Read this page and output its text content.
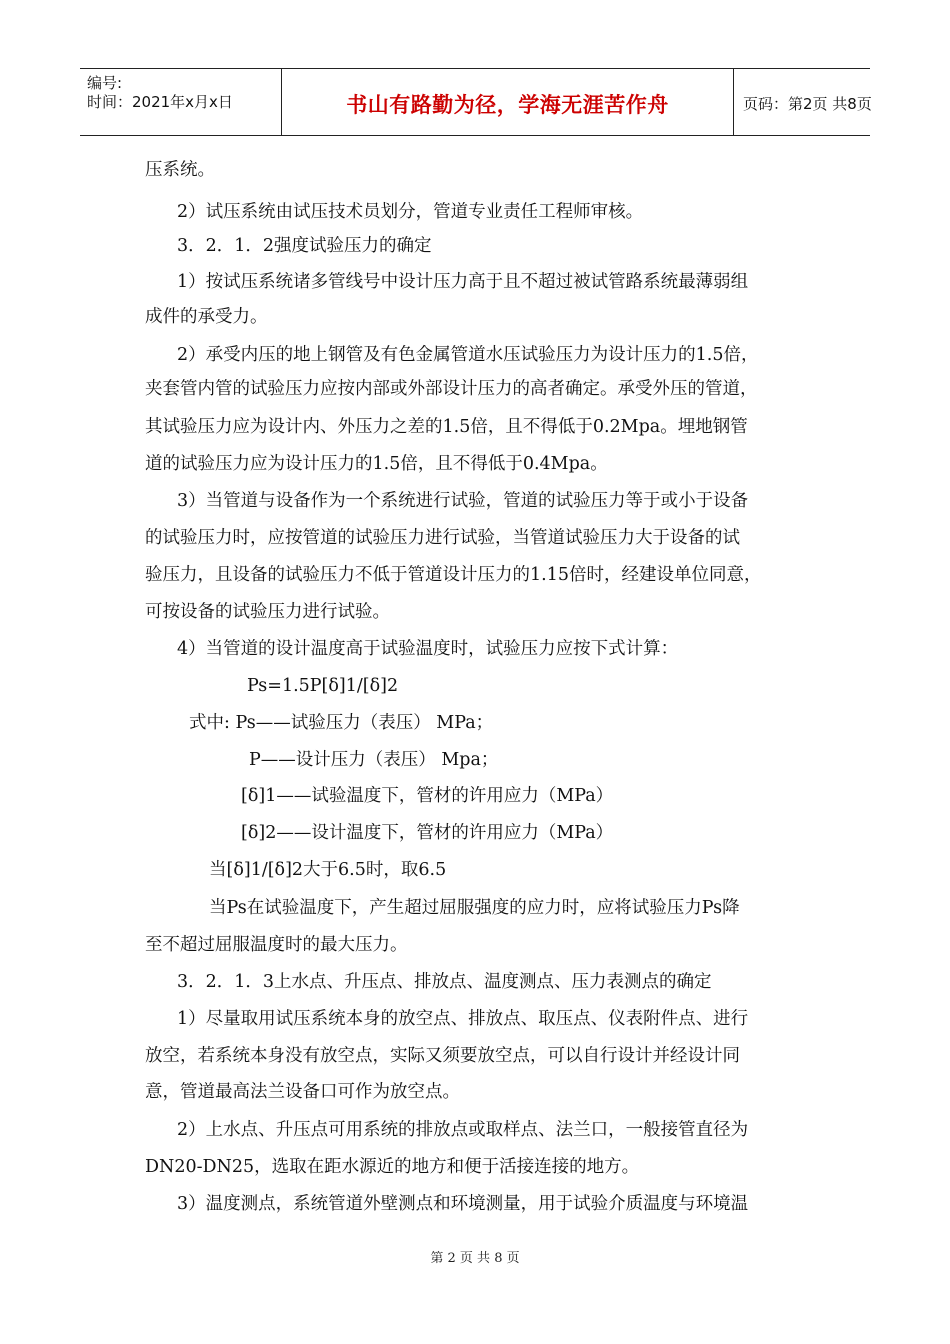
编号:
时间：2021年x月x日	书山有路勤为径，学海无涯苦作舟	页码：第2页 共8页
压系统。
2）试压系统由试压技术员划分，管道专业责任工程师审核。
3．2．1．2强度试验压力的确定
1）按试压系统诸多管线号中设计压力高于且不超过被试管路系统最薄弱组
成件的承受力。
2）承受内压的地上钢管及有色金属管道水压试验压力为设计压力的1.5倍，
夹套管内管的试验压力应按内部或外部设计压力的高者确定。承受外压的管道，
其试验压力应为设计内、外压力之差的1.5倍，且不得低于0.2Mpa。埋地钢管
道的试验压力应为设计压力的1.5倍，且不得低于0.4Mpa。
3）当管道与设备作为一个系统进行试验，管道的试验压力等于或小于设备
的试验压力时，应按管道的试验压力进行试验，当管道试验压力大于设备的试
验压力，且设备的试验压力不低于管道设计压力的1.15倍时，经建设单位同意，
可按设备的试验压力进行试验。
4）当管道的设计温度高于试验温度时，试验压力应按下式计算：
Ps=1.5P[δ]1/[δ]2
式中: Ps——试验压力（表压） MPa；
P——设计压力（表压） Mpa；
[δ]1——试验温度下，管材的许用应力（MPa）
[δ]2——设计温度下，管材的许用应力（MPa）
当[δ]1/[δ]2大于6.5时，取6.5
当Ps在试验温度下，产生超过屈服强度的应力时，应将试验压力Ps降
至不超过屈服温度时的最大压力。
3．2．1．3上水点、升压点、排放点、温度测点、压力表测点的确定
1）尽量取用试压系统本身的放空点、排放点、取压点、仪表附件点、进行
放空，若系统本身没有放空点，实际又须要放空点，可以自行设计并经设计同
意，管道最高法兰设备口可作为放空点。
2）上水点、升压点可用系统的排放点或取样点、法兰口，一般接管直径为
DN20-DN25，选取在距水源近的地方和便于活接连接的地方。
3）温度测点，系统管道外壁测点和环境测量，用于试验介质温度与环境温
第 2 页 共 8 页
